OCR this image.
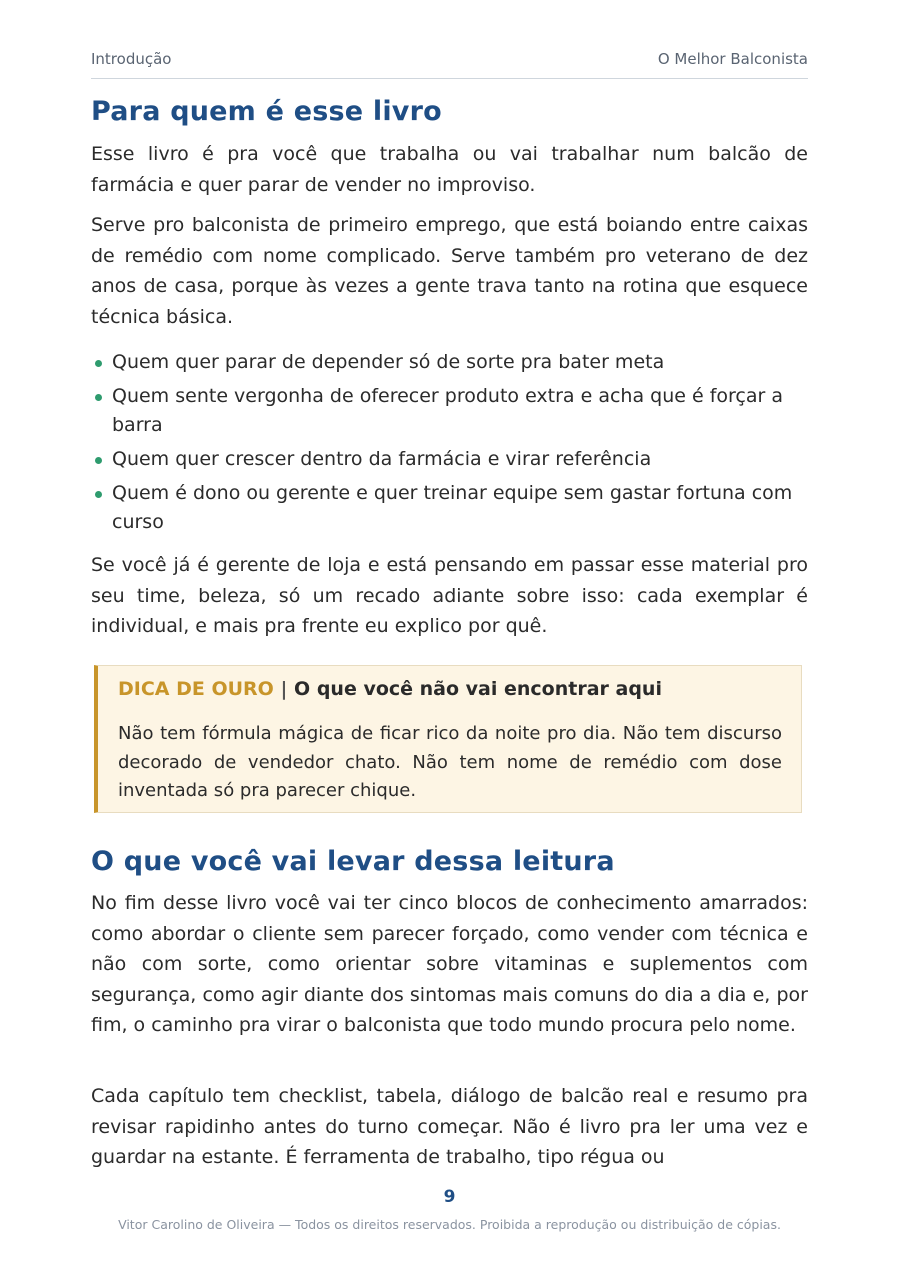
Introdução	O Melhor Balconista
Para quem é esse livro

Esse livro é pra você que trabalha ou vai trabalhar num balcão de farmácia e quer parar de vender no improviso.

Serve pro balconista de primeiro emprego, que está boiando entre caixas de remédio com nome complicado. Serve também pro veterano de dez anos de casa, porque às vezes a gente trava tanto na rotina que esquece técnica básica.

Quem quer parar de depender só de sorte pra bater meta
Quem sente vergonha de oferecer produto extra e acha que é forçar a barra
Quem quer crescer dentro da farmácia e virar referência
Quem é dono ou gerente e quer treinar equipe sem gastar fortuna com curso

Se você já é gerente de loja e está pensando em passar esse material pro seu time, beleza, só um recado adiante sobre isso: cada exemplar é individual, e mais pra frente eu explico por quê.

DICA DE OURO | O que você não vai encontrar aqui

Não tem fórmula mágica de ficar rico da noite pro dia. Não tem discurso decorado de vendedor chato. Não tem nome de remédio com dose inventada só pra parecer chique.

O que você vai levar dessa leitura

No fim desse livro você vai ter cinco blocos de conhecimento amarrados: como abordar o cliente sem parecer forçado, como vender com técnica e não com sorte, como orientar sobre vitaminas e suplementos com segurança, como agir diante dos sintomas mais comuns do dia a dia e, por fim, o caminho pra virar o balconista que todo mundo procura pelo nome.

Cada capítulo tem checklist, tabela, diálogo de balcão real e resumo pra revisar rapidinho antes do turno começar. Não é livro pra ler uma vez e guardar na estante. É ferramenta de trabalho, tipo régua ou

9
Vitor Carolino de Oliveira — Todos os direitos reservados. Proibida a reprodução ou distribuição de cópias.
